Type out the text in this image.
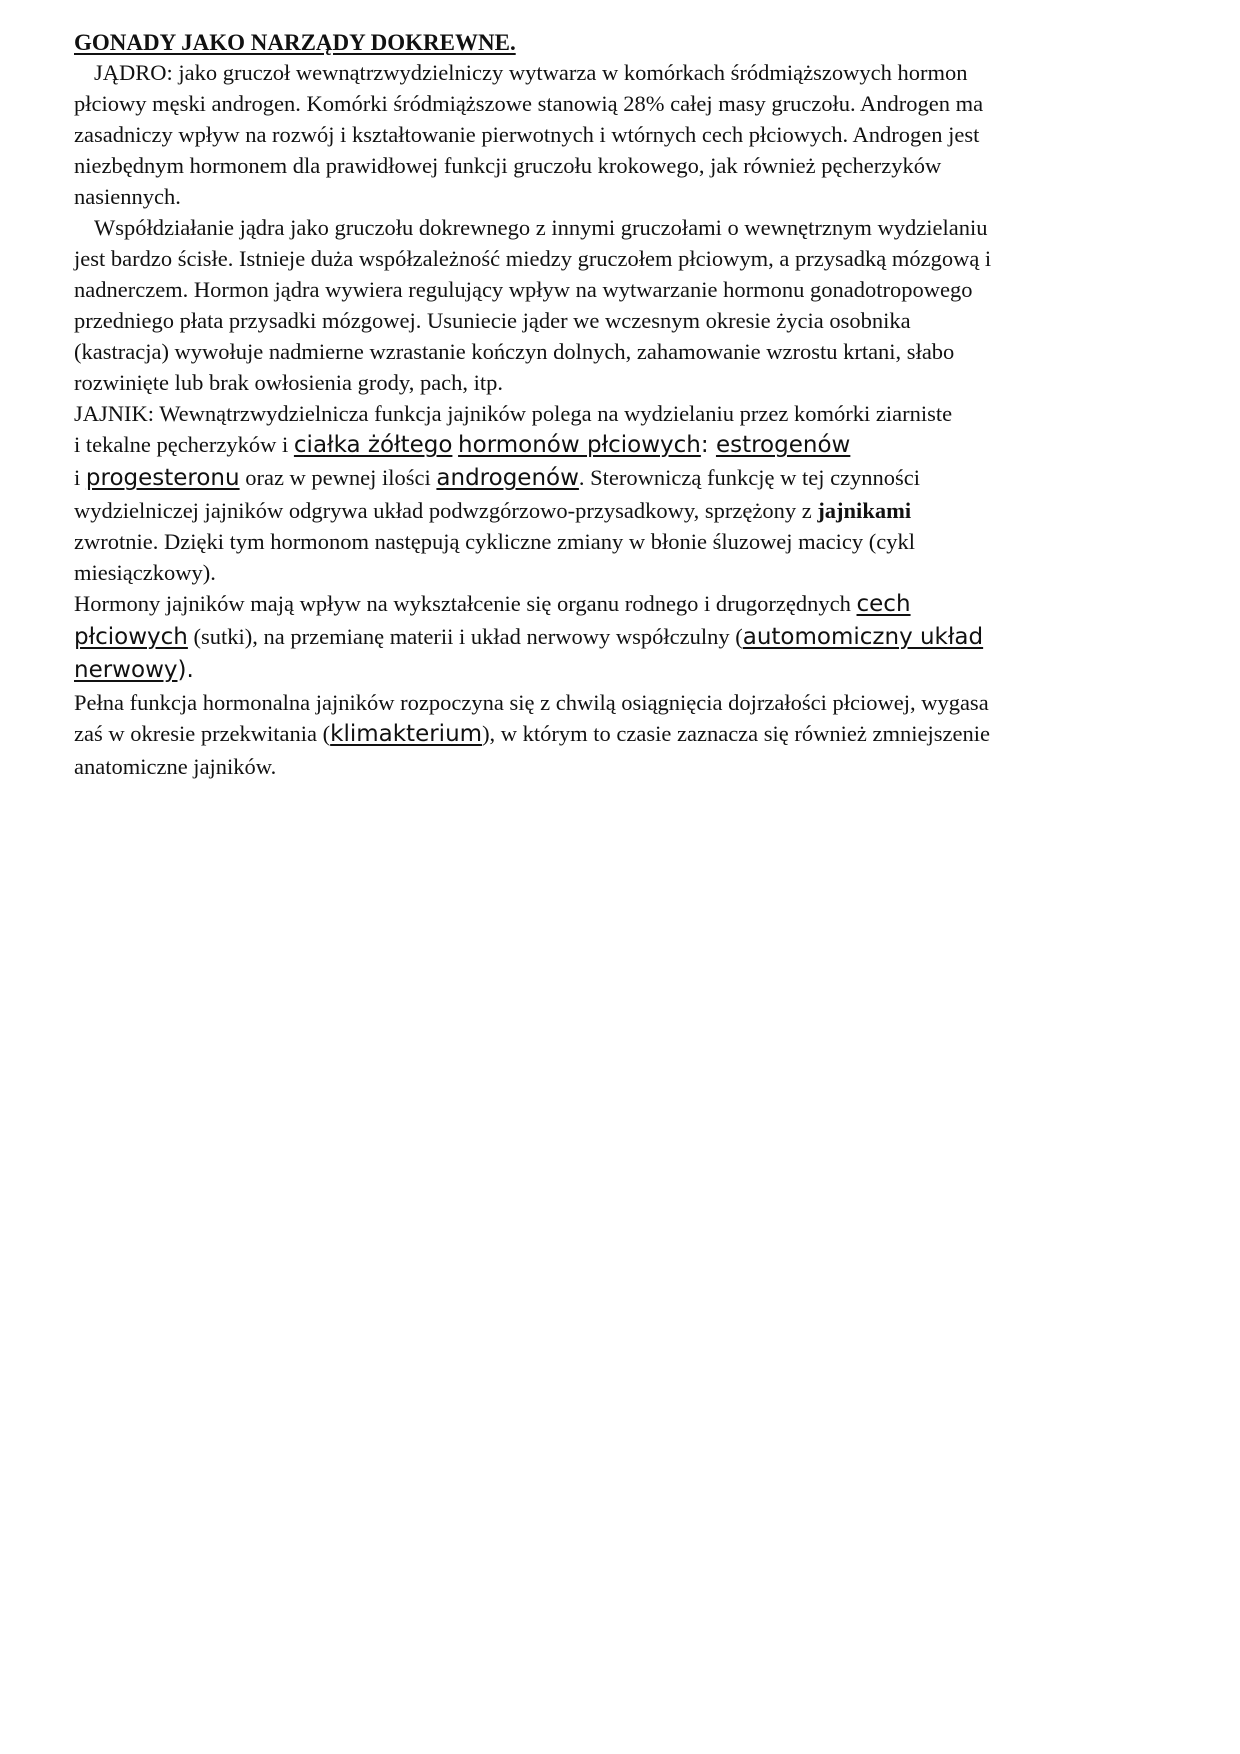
GONADY JAKO NARZĄDY DOKREWNE.
JĄDRO: jako gruczoł wewnątrzwydzielniczy wytwarza w komórkach śródmiąższowych hormon
płciowy męski androgen. Komórki śródmiąższowe stanowią 28% całej masy gruczołu. Androgen ma
zasadniczy wpływ na rozwój i kształtowanie pierwotnych i wtórnych cech płciowych. Androgen jest
niezbędnym hormonem dla prawidłowej funkcji gruczołu krokowego, jak również pęcherzyków
nasiennych.
Współdziałanie jądra jako gruczołu dokrewnego z innymi gruczołami o wewnętrznym wydzielaniu
jest bardzo ścisłe. Istnieje duża współzależność miedzy gruczołem płciowym, a przysadką mózgową i
nadnerczem. Hormon jądra wywiera regulujący wpływ na wytwarzanie hormonu gonadotropowego
przedniego płata przysadki mózgowej. Usuniecie jąder we wczesnym okresie życia osobnika
(kastracja) wywołuje nadmierne wzrastanie kończyn dolnych, zahamowanie wzrostu krtani, słabo
rozwinięte lub brak owłosienia grody, pach, itp.
JAJNIK: Wewnątrzwydzielnicza funkcja jajników polega na wydzielaniu przez komórki ziarniste
i tekalne pęcherzyków i ciałka żółtego hormonów płciowych: estrogenów
i progesteronu oraz w pewnej ilości androgenów. Sterowniczą funkcję w tej czynności
wydzielniczej jajników odgrywa układ podwzgórzowo-przysadkowy, sprzężony z jajnikami
zwrotnie. Dzięki tym hormonom następują cykliczne zmiany w błonie śluzowej macicy (cykl
miesiączkowy).
Hormony jajników mają wpływ na wykształcenie się organu rodnego i drugorzędnych cech
płciowych (sutki), na przemianę materii i układ nerwowy współczulny (automomiczny układ
nerwowy).
Pełna funkcja hormonalna jajników rozpoczyna się z chwilą osiągnięcia dojrzałości płciowej, wygasa
zaś w okresie przekwitania (klimakterium), w którym to czasie zaznacza się również zmniejszenie
anatomiczne jajników.
